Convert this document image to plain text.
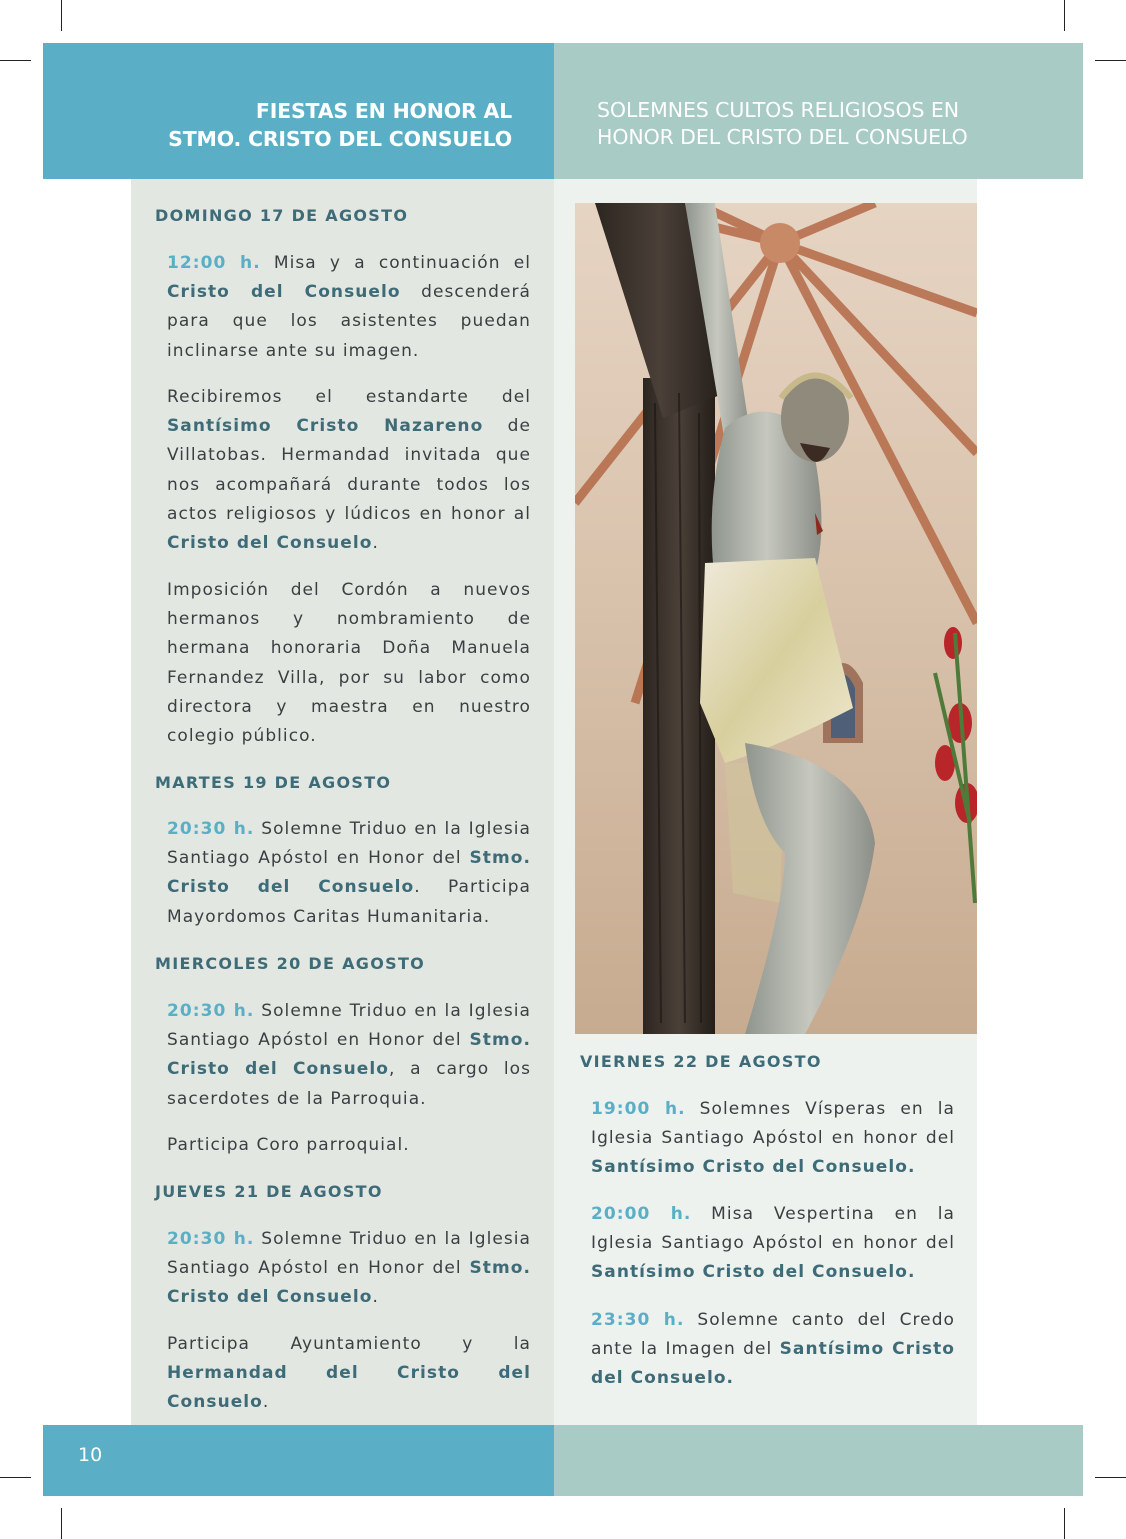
FIESTAS EN HONOR AL
STMO. CRISTO DEL CONSUELO
SOLEMNES CULTOS RELIGIOSOS EN
HONOR DEL CRISTO DEL CONSUELO
DOMINGO 17 DE AGOSTO

12:00 h. Misa y a continuación el Cristo del Consuelo descenderá para que los asistentes puedan inclinarse ante su imagen.

Recibiremos el estandarte del Santísimo Cristo Nazareno de Villatobas. Hermandad invitada que nos acompañará durante todos los actos religiosos y lúdicos en honor al Cristo del Consuelo.

Imposición del Cordón a nuevos hermanos y nombramiento de hermana honoraria Doña Manuela Fernandez Villa, por su labor como directora y maestra en nuestro colegio público.

MARTES 19 DE AGOSTO

20:30 h. Solemne Triduo en la Iglesia Santiago Apóstol en Honor del Stmo. Cristo del Consuelo. Participa Mayordomos Caritas Humanitaria.

MIERCOLES 20 DE AGOSTO

20:30 h. Solemne Triduo en la Iglesia Santiago Apóstol en Honor del Stmo. Cristo del Consuelo, a cargo los sacerdotes de la Parroquia.

Participa Coro parroquial.

JUEVES 21 DE AGOSTO

20:30 h. Solemne Triduo en la Iglesia Santiago Apóstol en Honor del Stmo. Cristo del Consuelo.

Participa Ayuntamiento y la Hermandad del Cristo del Consuelo.

VIERNES 22 DE AGOSTO

19:00 h. Solemnes Vísperas en la Iglesia Santiago Apóstol en honor del Santísimo Cristo del Consuelo.

20:00 h. Misa Vespertina en la Iglesia Santiago Apóstol en honor del Santísimo Cristo del Consuelo.

23:30 h. Solemne canto del Credo ante la Imagen del Santísimo Cristo del Consuelo.

10
